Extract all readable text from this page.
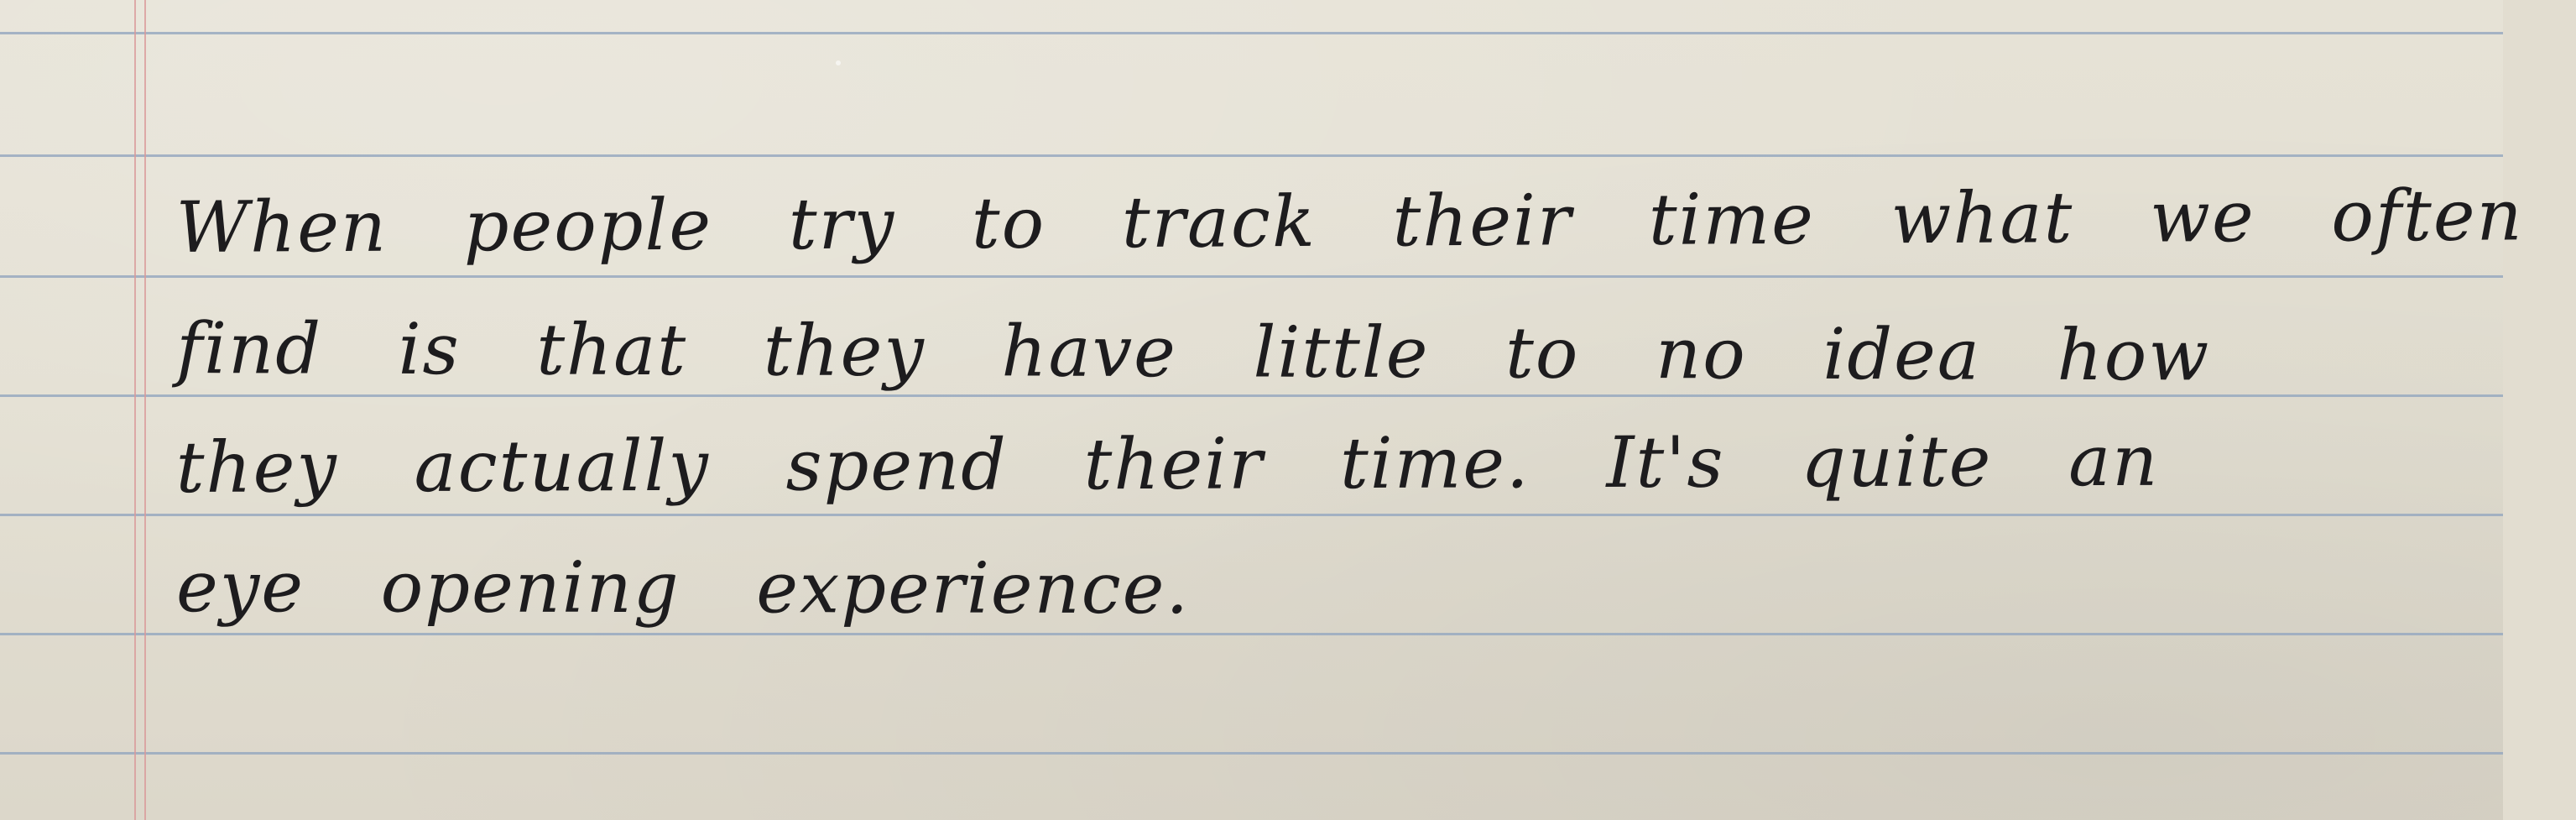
When people try to track their time what we often

find is that they have little to no idea how

they actually spend their time. It's quite an

eye opening experience.
